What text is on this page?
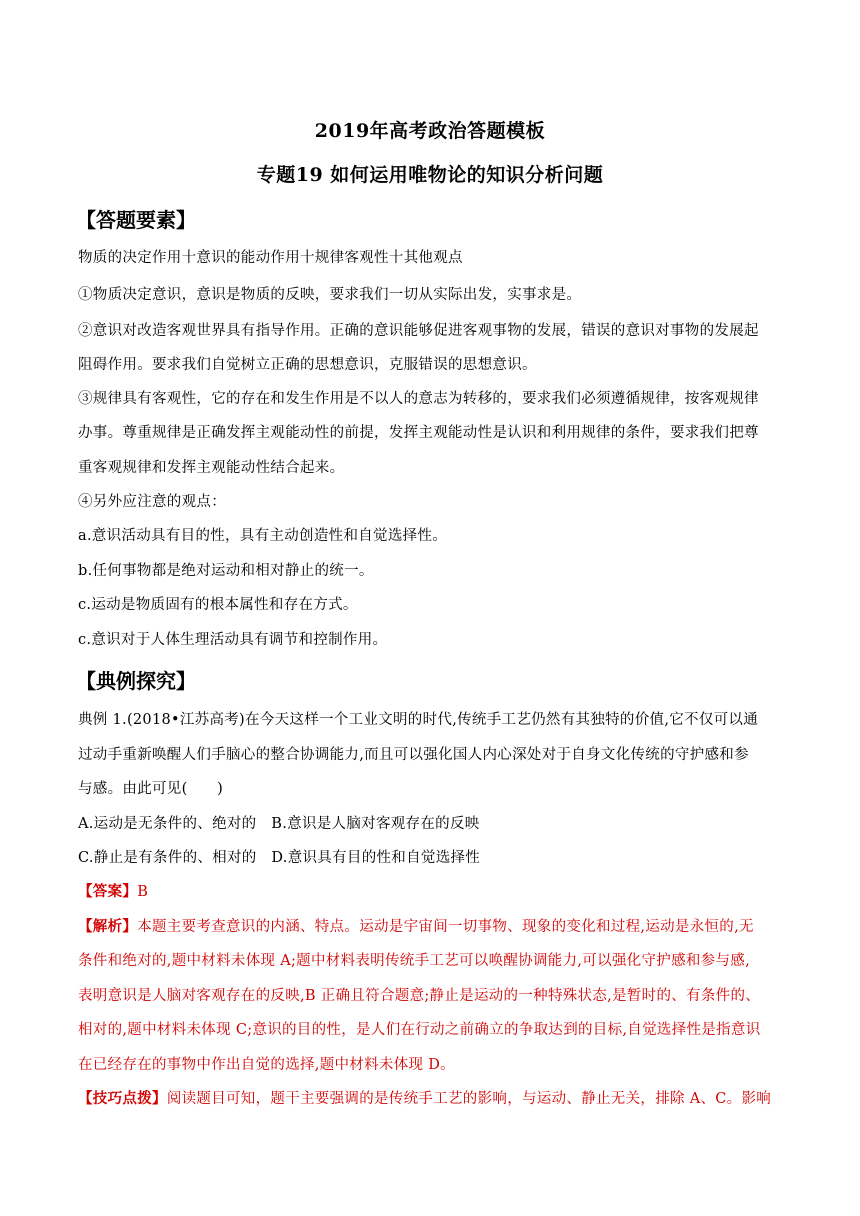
2019年高考政治答题模板
专题19 如何运用唯物论的知识分析问题
【答题要素】
物质的决定作用十意识的能动作用十规律客观性十其他观点
①物质决定意识，意识是物质的反映，要求我们一切从实际出发，实事求是。
②意识对改造客观世界具有指导作用。正确的意识能够促进客观事物的发展，错误的意识对事物的发展起
阻碍作用。要求我们自觉树立正确的思想意识，克服错误的思想意识。
③规律具有客观性，它的存在和发生作用是不以人的意志为转移的，要求我们必须遵循规律，按客观规律
办事。尊重规律是正确发挥主观能动性的前提，发挥主观能动性是认识和利用规律的条件，要求我们把尊
重客观规律和发挥主观能动性结合起来。
④另外应注意的观点：
a.意识活动具有目的性，具有主动创造性和自觉选择性。
b.任何事物都是绝对运动和相对静止的统一。
c.运动是物质固有的根本属性和存在方式。
c.意识对于人体生理活动具有调节和控制作用。
【典例探究】
典例 1.(2018•江苏高考)在今天这样一个工业文明的时代,传统手工艺仍然有其独特的价值,它不仅可以通
过动手重新唤醒人们手脑心的整合协调能力,而且可以强化国人内心深处对于自身文化传统的守护感和参
与感。由此可见(　　)
A.运动是无条件的、绝对的　B.意识是人脑对客观存在的反映
C.静止是有条件的、相对的　D.意识具有目的性和自觉选择性
【答案】B
【解析】本题主要考查意识的内涵、特点。运动是宇宙间一切事物、现象的变化和过程,运动是永恒的,无
条件和绝对的,题中材料未体现 A;题中材料表明传统手工艺可以唤醒协调能力,可以强化守护感和参与感,
表明意识是人脑对客观存在的反映,B 正确且符合题意;静止是运动的一种特殊状态,是暂时的、有条件的、
相对的,题中材料未体现 C;意识的目的性，是人们在行动之前确立的争取达到的目标,自觉选择性是指意识
在已经存在的事物中作出自觉的选择,题中材料未体现 D。
【技巧点拨】阅读题目可知，题干主要强调的是传统手工艺的影响，与运动、静止无关，排除 A、C。影响
